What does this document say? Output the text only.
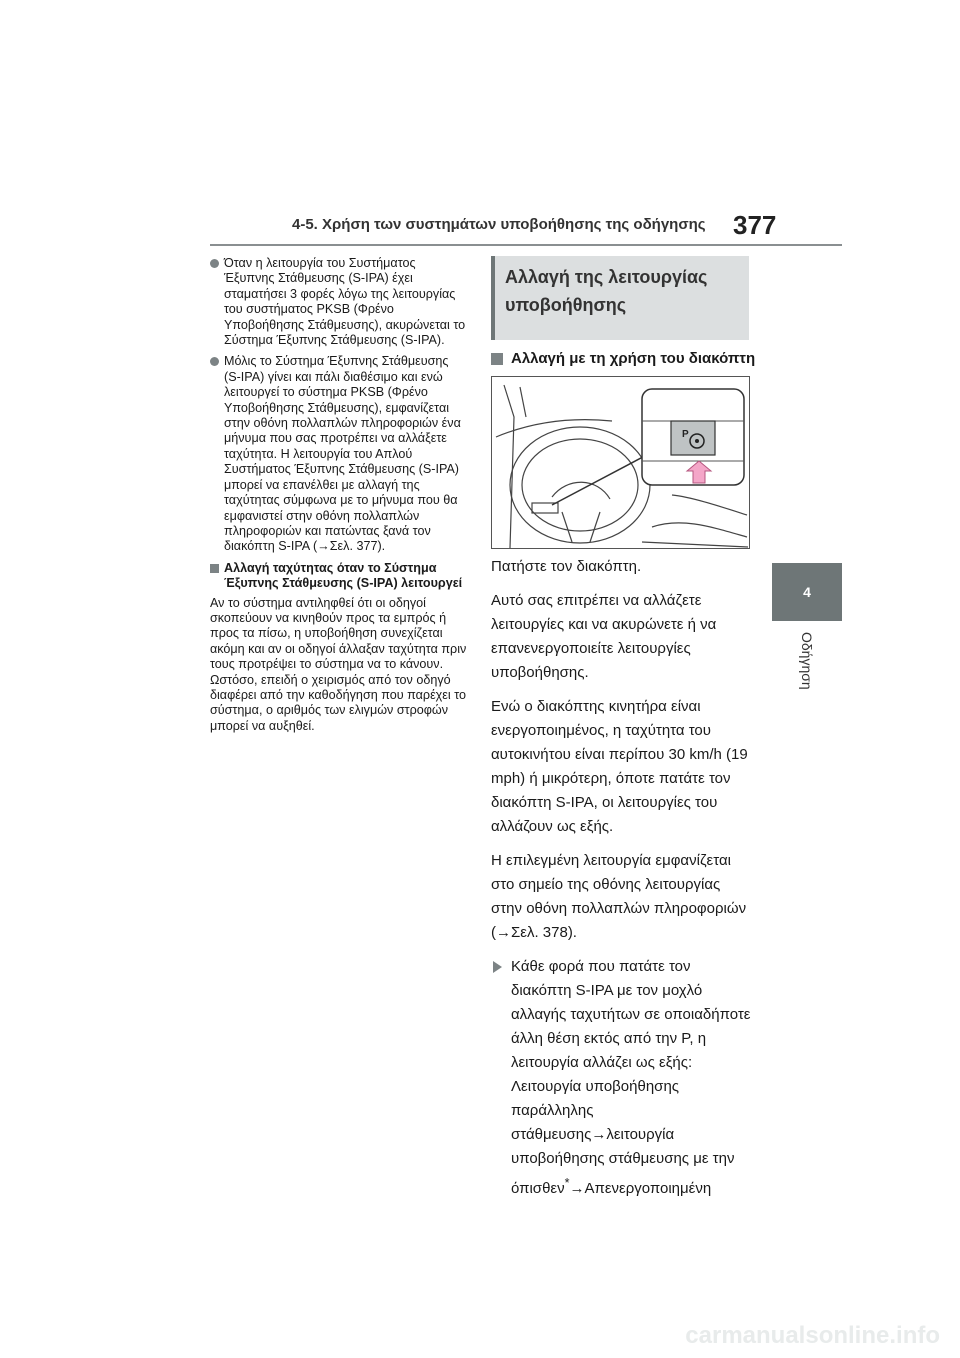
4-5. Χρήση των συστημάτων υποβοήθησης της οδήγησης 377
4
Οδήγηση
Όταν η λειτουργία του Συστήματος Έξυπνης Στάθμευσης (S-IPA) έχει σταματήσει 3 φορές λόγω της λειτουργίας του συστήματος PKSB (Φρένο Υποβοήθησης Στάθμευσης), ακυρώνεται το Σύστημα Έξυπνης Στάθμευσης (S-IPA).
Μόλις το Σύστημα Έξυπνης Στάθμευσης (S-IPA) γίνει και πάλι διαθέσιμο και ενώ λειτουργεί το σύστημα PKSB (Φρένο Υποβοήθησης Στάθμευσης), εμφανίζεται στην οθόνη πολλαπλών πληροφοριών ένα μήνυμα που σας προτρέπει να αλλάξετε ταχύτητα. Η λειτουργία του Απλού Συστήματος Έξυπνης Στάθμευσης (S-IPA) μπορεί να επανέλθει με αλλαγή της ταχύτητας σύμφωνα με το μήνυμα που θα εμφανιστεί στην οθόνη πολλαπλών πληροφοριών και πατώντας ξανά τον διακόπτη S-IPA (→Σελ. 377).
Αλλαγή ταχύτητας όταν το Σύστημα Έξυπνης Στάθμευσης (S-IPA) λειτουργεί

Αν το σύστημα αντιληφθεί ότι οι οδηγοί σκοπεύουν να κινηθούν προς τα εμπρός ή προς τα πίσω, η υποβοήθηση συνεχίζεται ακόμη και αν οι οδηγοί άλλαξαν ταχύτητα πριν τους προτρέψει το σύστημα να το κάνουν. Ωστόσο, επειδή ο χειρισμός από τον οδηγό διαφέρει από την καθοδήγηση που παρέχει το σύστημα, ο αριθμός των ελιγμών στροφών μπορεί να αυξηθεί.

Αλλαγή της λειτουργίας υποβοήθησης
Αλλαγή με τη χρήση του διακόπτη
P

Πατήστε τον διακόπτη.

Αυτό σας επιτρέπει να αλλάζετε λειτουργίες και να ακυρώνετε ή να επανενεργοποιείτε λειτουργίες υποβοήθησης.

Ενώ ο διακόπτης κινητήρα είναι ενεργοποιημένος, η ταχύτητα του αυτοκινήτου είναι περίπου 30 km/h (19 mph) ή μικρότερη, όποτε πατάτε τον διακόπτη S-IPA, οι λειτουργίες του αλλάζουν ως εξής.

Η επιλεγμένη λειτουργία εμφανίζεται στο σημείο της οθόνης λειτουργίας στην οθόνη πολλαπλών πληροφοριών (→Σελ. 378).

Κάθε φορά που πατάτε τον διακόπτη S-IPA με τον μοχλό αλλαγής ταχυτήτων σε οποιαδήποτε άλλη θέση εκτός από την P, η λειτουργία αλλάζει ως εξής:
Λειτουργία υποβοήθησης παράλληλης στάθμευσης→λειτουργία υποβοήθησης στάθμευσης με την όπισθεν*→Απενεργοποιημένη
carmanualsonline.info
